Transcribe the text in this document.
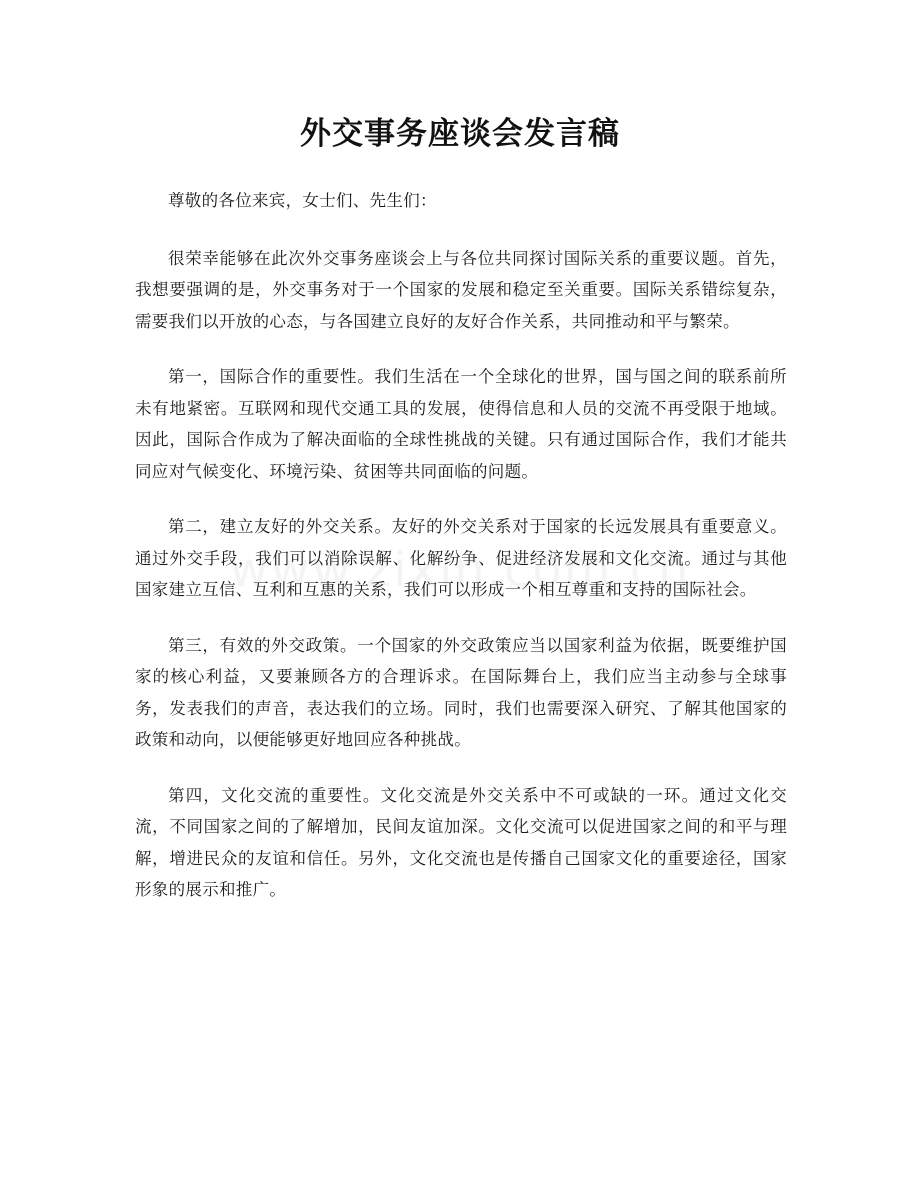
外交事务座谈会发言稿

尊敬的各位来宾，女士们、先生们：

很荣幸能够在此次外交事务座谈会上与各位共同探讨国际关系的重要议题。首先，我想要强调的是，外交事务对于一个国家的发展和稳定至关重要。国际关系错综复杂，需要我们以开放的心态，与各国建立良好的友好合作关系，共同推动和平与繁荣。

第一，国际合作的重要性。我们生活在一个全球化的世界，国与国之间的联系前所未有地紧密。互联网和现代交通工具的发展，使得信息和人员的交流不再受限于地域。因此，国际合作成为了解决面临的全球性挑战的关键。只有通过国际合作，我们才能共同应对气候变化、环境污染、贫困等共同面临的问题。

第二，建立友好的外交关系。友好的外交关系对于国家的长远发展具有重要意义。通过外交手段，我们可以消除误解、化解纷争、促进经济发展和文化交流。通过与其他国家建立互信、互利和互惠的关系，我们可以形成一个相互尊重和支持的国际社会。

第三，有效的外交政策。一个国家的外交政策应当以国家利益为依据，既要维护国家的核心利益，又要兼顾各方的合理诉求。在国际舞台上，我们应当主动参与全球事务，发表我们的声音，表达我们的立场。同时，我们也需要深入研究、了解其他国家的政策和动向，以便能够更好地回应各种挑战。

第四，文化交流的重要性。文化交流是外交关系中不可或缺的一环。通过文化交流，不同国家之间的了解增加，民间友谊加深。文化交流可以促进国家之间的和平与理解，增进民众的友谊和信任。另外，文化交流也是传播自己国家文化的重要途径，国家形象的展示和推广。
